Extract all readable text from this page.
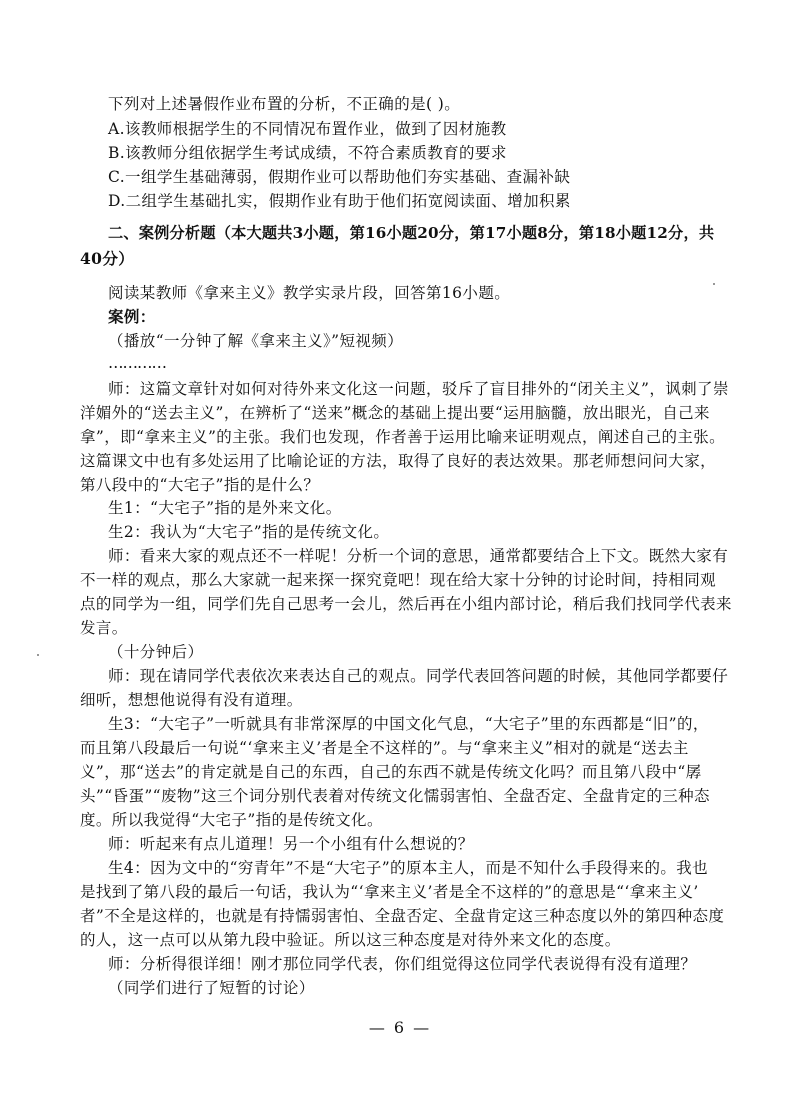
下列对上述暑假作业布置的分析，不正确的是( )。
A.该教师根据学生的不同情况布置作业，做到了因材施教
B.该教师分组依据学生考试成绩，不符合素质教育的要求
C.一组学生基础薄弱，假期作业可以帮助他们夯实基础、查漏补缺
D.二组学生基础扎实，假期作业有助于他们拓宽阅读面、增加积累
二、案例分析题（本大题共3小题，第16小题20分，第17小题8分，第18小题12分，共
40分）
阅读某教师《拿来主义》教学实录片段，回答第16小题。
案例：
（播放“一分钟了解《拿来主义》”短视频）
…………
师：这篇文章针对如何对待外来文化这一问题，驳斥了盲目排外的“闭关主义”，讽刺了崇
洋媚外的“送去主义”，在辨析了“送来”概念的基础上提出要“运用脑髓，放出眼光，自己来
拿”，即“拿来主义”的主张。我们也发现，作者善于运用比喻来证明观点，阐述自己的主张。
这篇课文中也有多处运用了比喻论证的方法，取得了良好的表达效果。那老师想问问大家，
第八段中的“大宅子”指的是什么？
生1：“大宅子”指的是外来文化。
生2：我认为“大宅子”指的是传统文化。
师：看来大家的观点还不一样呢！分析一个词的意思，通常都要结合上下文。既然大家有
不一样的观点，那么大家就一起来探一探究竟吧！现在给大家十分钟的讨论时间，持相同观
点的同学为一组，同学们先自己思考一会儿，然后再在小组内部讨论，稍后我们找同学代表来
发言。
（十分钟后）
师：现在请同学代表依次来表达自己的观点。同学代表回答问题的时候，其他同学都要仔
细听，想想他说得有没有道理。
生3：“大宅子”一听就具有非常深厚的中国文化气息，“大宅子”里的东西都是“旧”的，
而且第八段最后一句说“‘拿来主义’者是全不这样的”。与“拿来主义”相对的就是“送去主
义”，那“送去”的肯定就是自己的东西，自己的东西不就是传统文化吗？而且第八段中“孱
头”“昏蛋”“废物”这三个词分别代表着对传统文化懦弱害怕、全盘否定、全盘肯定的三种态
度。所以我觉得“大宅子”指的是传统文化。
师：听起来有点儿道理！另一个小组有什么想说的？
生4：因为文中的“穷青年”不是“大宅子”的原本主人，而是不知什么手段得来的。我也
是找到了第八段的最后一句话，我认为“‘拿来主义’者是全不这样的”的意思是“‘拿来主义’
者”不全是这样的，也就是有持懦弱害怕、全盘否定、全盘肯定这三种态度以外的第四种态度
的人，这一点可以从第九段中验证。所以这三种态度是对待外来文化的态度。
师：分析得很详细！刚才那位同学代表，你们组觉得这位同学代表说得有没有道理？
（同学们进行了短暂的讨论）
— 6 —
